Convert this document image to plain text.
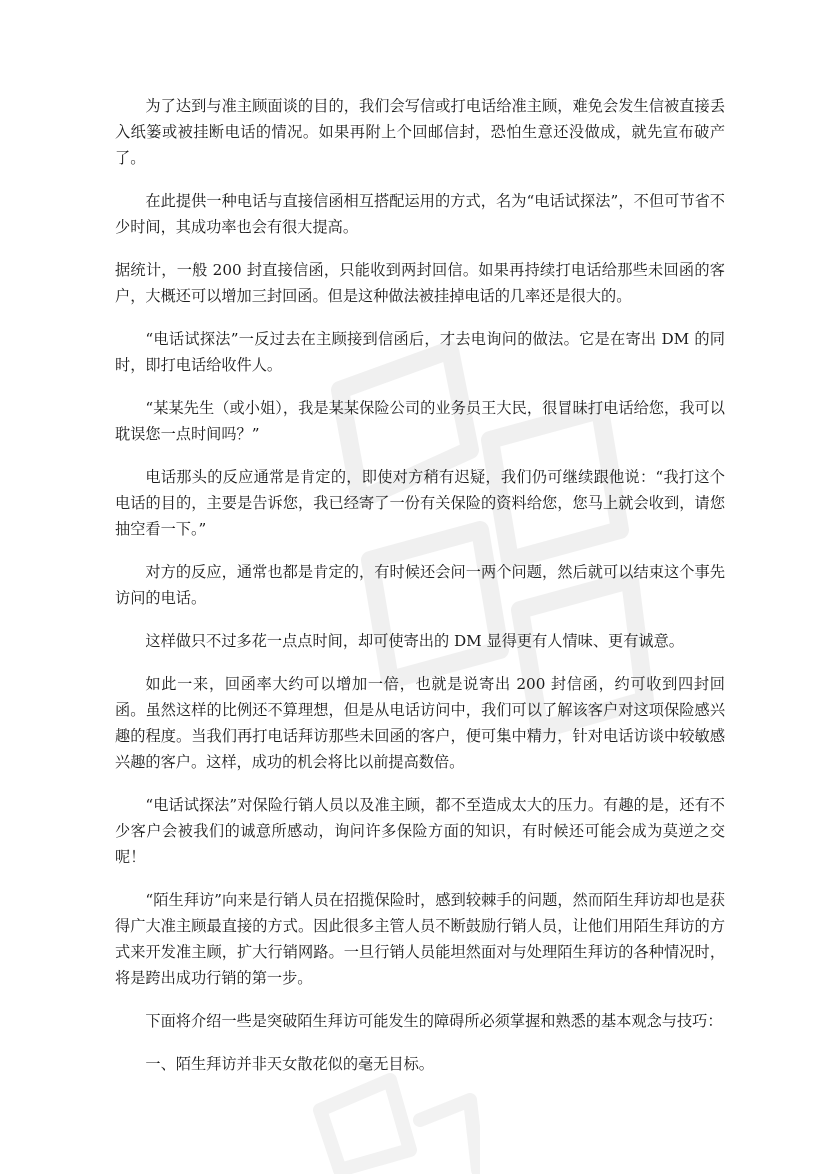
为了达到与准主顾面谈的目的，我们会写信或打电话给准主顾，难免会发生信被直接丢入纸篓或被挂断电话的情况。如果再附上个回邮信封，恐怕生意还没做成，就先宣布破产了。

在此提供一种电话与直接信函相互搭配运用的方式，名为“电话试探法”，不但可节省不少时间，其成功率也会有很大提高。

据统计，一般 200 封直接信函，只能收到两封回信。如果再持续打电话给那些未回函的客户，大概还可以增加三封回函。但是这种做法被挂掉电话的几率还是很大的。

“电话试探法”一反过去在主顾接到信函后，才去电询问的做法。它是在寄出 DM 的同时，即打电话给收件人。

“某某先生（或小姐），我是某某保险公司的业务员王大民，很冒昧打电话给您，我可以耽误您一点时间吗？”

电话那头的反应通常是肯定的，即使对方稍有迟疑，我们仍可继续跟他说：“我打这个电话的目的，主要是告诉您，我已经寄了一份有关保险的资料给您，您马上就会收到，请您抽空看一下。”

对方的反应，通常也都是肯定的，有时候还会问一两个问题，然后就可以结束这个事先访问的电话。

这样做只不过多花一点点时间，却可使寄出的 DM 显得更有人情味、更有诚意。

如此一来，回函率大约可以增加一倍，也就是说寄出 200 封信函，约可收到四封回函。虽然这样的比例还不算理想，但是从电话访问中，我们可以了解该客户对这项保险感兴趣的程度。当我们再打电话拜访那些未回函的客户，便可集中精力，针对电话访谈中较敏感兴趣的客户。这样，成功的机会将比以前提高数倍。

“电话试探法”对保险行销人员以及准主顾，都不至造成太大的压力。有趣的是，还有不少客户会被我们的诚意所感动，询问许多保险方面的知识，有时候还可能会成为莫逆之交呢！

“陌生拜访”向来是行销人员在招揽保险时，感到较棘手的问题，然而陌生拜访却也是获得广大准主顾最直接的方式。因此很多主管人员不断鼓励行销人员，让他们用陌生拜访的方式来开发准主顾，扩大行销网路。一旦行销人员能坦然面对与处理陌生拜访的各种情况时，将是跨出成功行销的第一步。

下面将介绍一些是突破陌生拜访可能发生的障碍所必须掌握和熟悉的基本观念与技巧：

一、陌生拜访并非天女散花似的毫无目标。
